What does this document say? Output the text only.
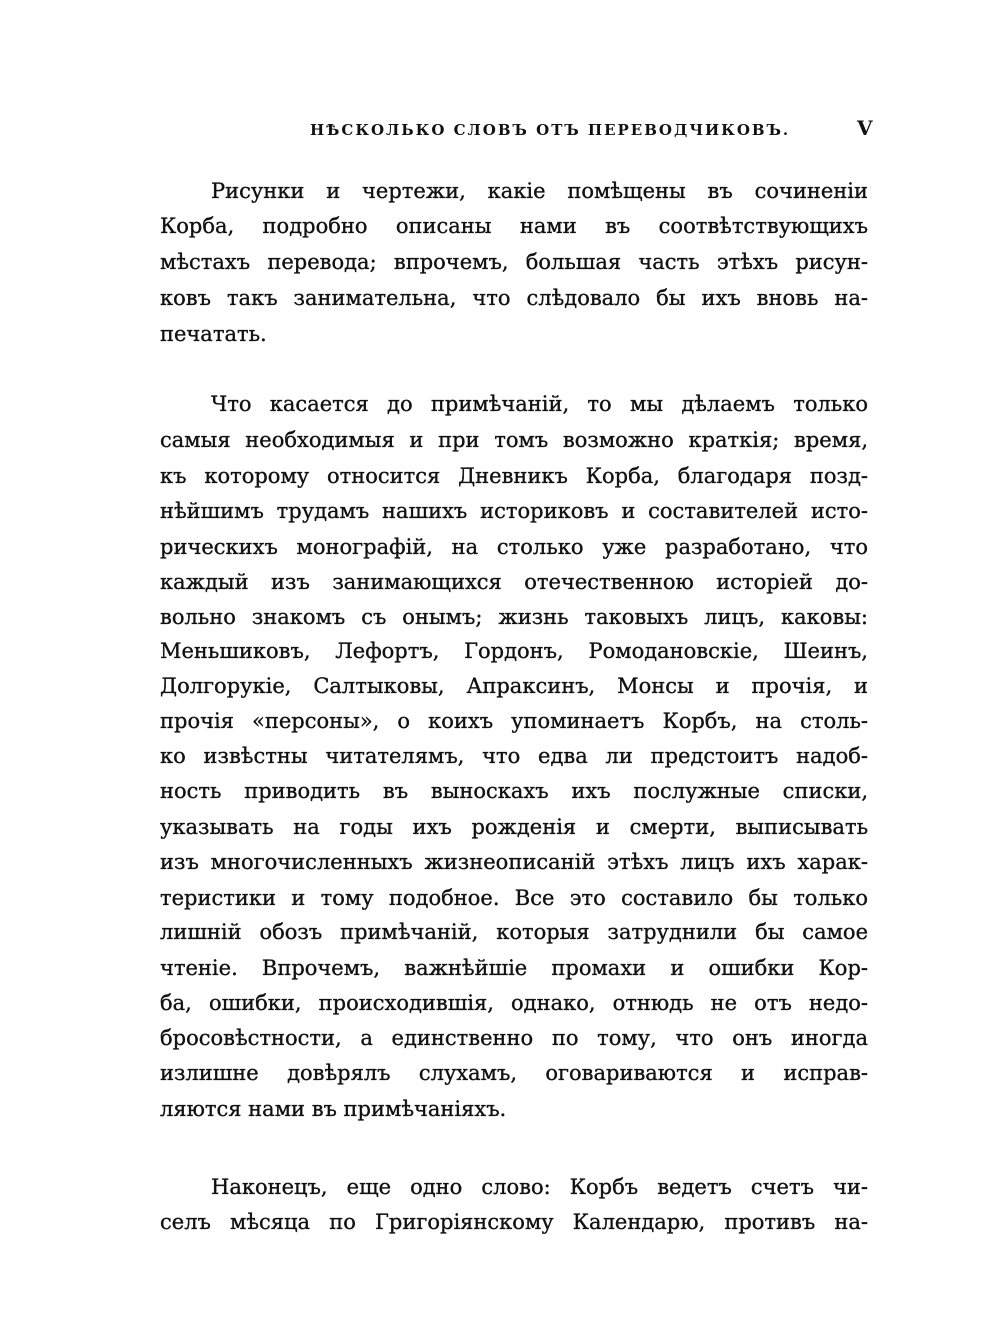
НѢСКОЛЬКО СЛОВЪ ОТЪ ПЕРЕВОДЧИКОВЪ.	V
Рисунки и чертежи, какіе помѣщены въ сочиненіи
Корба, подробно описаны нами въ соотвѣтствующихъ
мѣстахъ перевода; впрочемъ, большая часть этѣхъ рисун-
ковъ такъ занимательна, что слѣдовало бы ихъ вновь на-
печатать.
Что касается до примѣчаній, то мы дѣлаемъ только
самыя необходимыя и при томъ возможно краткія; время,
къ которому относится Дневникъ Корба, благодаря позд-
нѣйшимъ трудамъ нашихъ историковъ и составителей исто-
рическихъ монографій, на столько уже разработано, что
каждый изъ занимающихся отечественною исторіей до-
вольно знакомъ съ онымъ; жизнь таковыхъ лицъ, каковы:
Меньшиковъ, Лефортъ, Гордонъ, Ромодановскіе, Шеинъ,
Долгорукіе, Салтыковы, Апраксинъ, Монсы и прочія, и
прочія «персоны», о коихъ упоминаетъ Корбъ, на столь-
ко извѣстны читателямъ, что едва ли предстоитъ надоб-
ность приводить въ выноскахъ ихъ послужные списки,
указывать на годы ихъ рожденія и смерти, выписывать
изъ многочисленныхъ жизнеописаній этѣхъ лицъ ихъ харак-
теристики и тому подобное. Все это составило бы только
лишній обозъ примѣчаній, которыя затруднили бы самое
чтеніе. Впрочемъ, важнѣйшіе промахи и ошибки Кор-
ба, ошибки, происходившія, однако, отнюдь не отъ недо-
бросовѣстности, а единственно по тому, что онъ иногда
излишне довѣрялъ слухамъ, оговариваются и исправ-
ляются нами въ примѣчаніяхъ.
Наконецъ, еще одно слово: Корбъ ведетъ счетъ чи-
селъ мѣсяца по Григоріянскому Календарю, противъ на-
